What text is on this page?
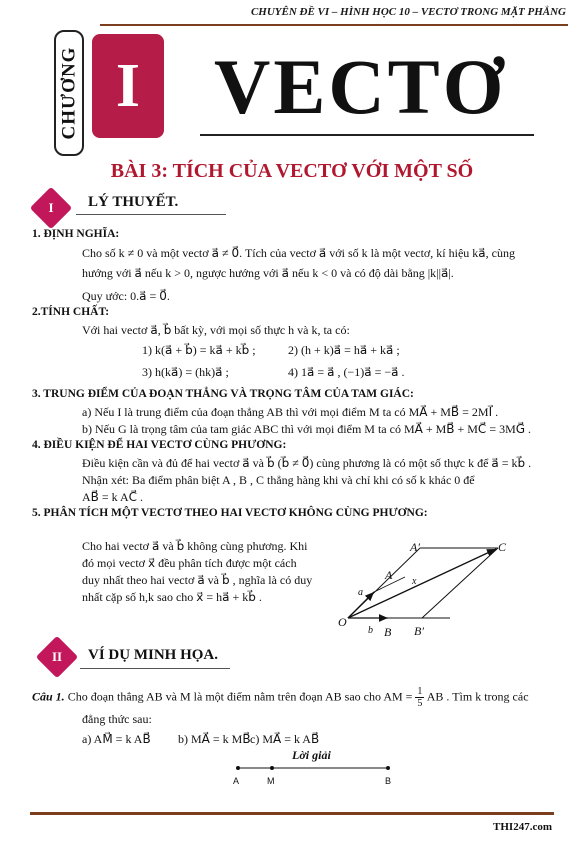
CHUYÊN ĐỀ VI – HÌNH HỌC 10 – VECTƠ TRONG MẶT PHẲNG
CHƯƠNG I VECTƠ
BÀI 3: TÍCH CỦA VECTƠ VỚI MỘT SỐ
I	LÝ THUYẾT.
1. ĐỊNH NGHĨA:
Cho số k ≠ 0 và một vectơ a⃗ ≠ 0⃗. Tích của vectơ a⃗ với số k là một vectơ, kí hiệu ka⃗, cùng
hướng với a⃗ nếu k > 0, ngược hướng với a⃗ nếu k < 0 và có độ dài bằng |k||a⃗|.
Quy ước: 0.a⃗ = 0⃗.
2.TÍNH CHẤT:
Với hai vectơ a⃗, b⃗ bất kỳ, với mọi số thực h và k, ta có:
1) k(a⃗ + b⃗) = ka⃗ + kb⃗ ;	2) (h + k)a⃗ = ha⃗ + ka⃗ ;
3) h(ka⃗) = (hk)a⃗ ;	4) 1a⃗ = a⃗ , (−1)a⃗ = −a⃗ .
3. TRUNG ĐIỂM CỦA ĐOẠN THẲNG VÀ TRỌNG TÂM CỦA TAM GIÁC:
a) Nếu I là trung điểm của đoạn thẳng AB thì với mọi điểm M ta có MA⃗ + MB⃗ = 2MI⃗ .
b) Nếu G là trọng tâm của tam giác ABC thì với mọi điểm M ta có MA⃗ + MB⃗ + MC⃗ = 3MG⃗ .
4. ĐIỀU KIỆN ĐỂ HAI VECTƠ CÙNG PHƯƠNG:
Điều kiện cần và đủ để hai vectơ a⃗ và b⃗ (b⃗ ≠ 0⃗) cùng phương là có một số thực k để a⃗ = kb⃗ .
Nhận xét: Ba điểm phân biệt A , B , C thẳng hàng khi và chỉ khi có số k khác 0 để
AB⃗ = k AC⃗ .
5. PHÂN TÍCH MỘT VECTƠ THEO HAI VECTƠ KHÔNG CÙNG PHƯƠNG:
Cho hai vectơ a⃗ và b⃗ không cùng phương. Khi
đó mọi vectơ x⃗ đều phân tích được một cách
duy nhất theo hai vectơ a⃗ và b⃗ , nghĩa là có duy
nhất cặp số h,k sao cho x⃗ = ha⃗ + kb⃗ .
O
A
A′	C
B B′
a⃗
b⃗
x⃗
II	VÍ DỤ MINH HỌA.
Câu 1. Cho đoạn thẳng AB và M là một điểm nằm trên đoạn AB sao cho AM = $\frac{1}{5}$ AB . Tìm k trong các
đẳng thức sau:
a) AM⃗ = k AB⃗ b) MA⃗ = k MB⃗ c) MA⃗ = k AB⃗
Lời giải
A	M	B
THI247.com
